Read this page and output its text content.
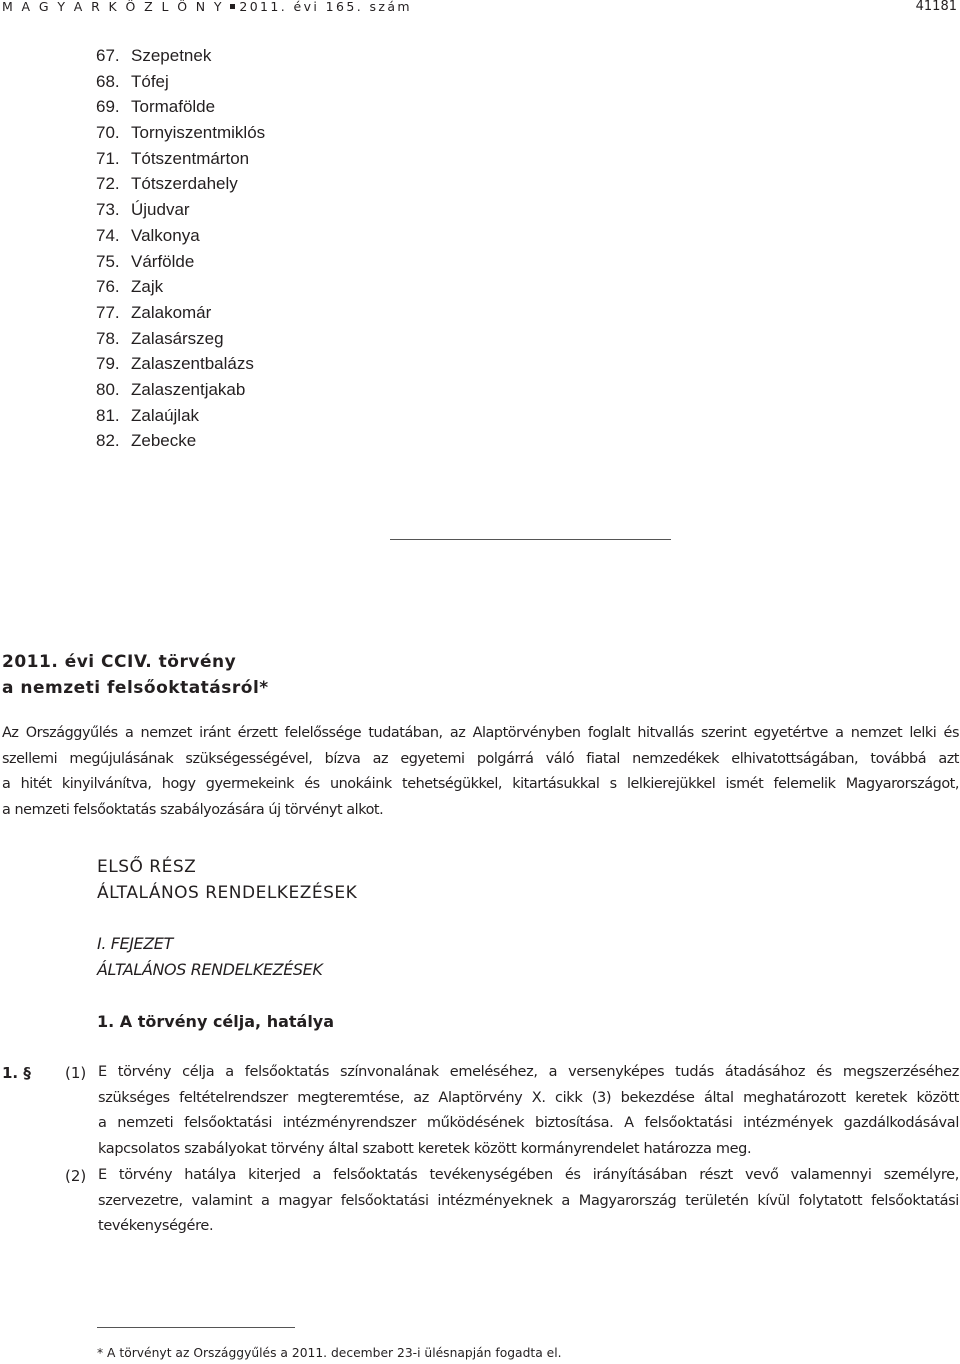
M A G Y A R K Ö Z L Ö N Y 2011. évi 165. szám	41181
67. Szepetnek
68. Tófej
69. Tormafölde
70. Tornyiszentmiklós
71. Tótszentmárton
72. Tótszerdahely
73. Újudvar
74. Valkonya
75. Várfölde
76. Zajk
77. Zalakomár
78. Zalasárszeg
79. Zalaszentbalázs
80. Zalaszentjakab
81. Zalaújlak
82. Zebecke
2011. évi CCIV. törvény
a nemzeti felsőoktatásról*
Az Országgyűlés a nemzet iránt érzett felelőssége tudatában, az Alaptörvényben foglalt hitvallás szerint egyetértve a nemzet lelki és
szellemi megújulásának szükségességével, bízva az egyetemi polgárrá váló fiatal nemzedékek elhivatottságában, továbbá azt
a hitét kinyilvánítva, hogy gyermekeink és unokáink tehetségükkel, kitartásukkal s lelkierejükkel ismét felemelik Magyarországot,
a nemzeti felsőoktatás szabályozására új törvényt alkot.
ELSŐ RÉSZ
ÁLTALÁNOS RENDELKEZÉSEK
I. FEJEZET
ÁLTALÁNOS RENDELKEZÉSEK
1. A törvény célja, hatálya
1. § (1) E törvény célja a felsőoktatás színvonalának emeléséhez, a versenyképes tudás átadásához és megszerzéséhez
szükséges feltételrendszer megteremtése, az Alaptörvény X. cikk (3) bekezdése által meghatározott keretek között
a nemzeti felsőoktatási intézményrendszer működésének biztosítása. A felsőoktatási intézmények gazdálkodásával
kapcsolatos szabályokat törvény által szabott keretek között kormányrendelet határozza meg.
(2) E törvény hatálya kiterjed a felsőoktatás tevékenységében és irányításában részt vevő valamennyi személyre,
szervezetre, valamint a magyar felsőoktatási intézményeknek a Magyarország területén kívül folytatott felsőoktatási
tevékenységére.
* A törvényt az Országgyűlés a 2011. december 23-i ülésnapján fogadta el.
